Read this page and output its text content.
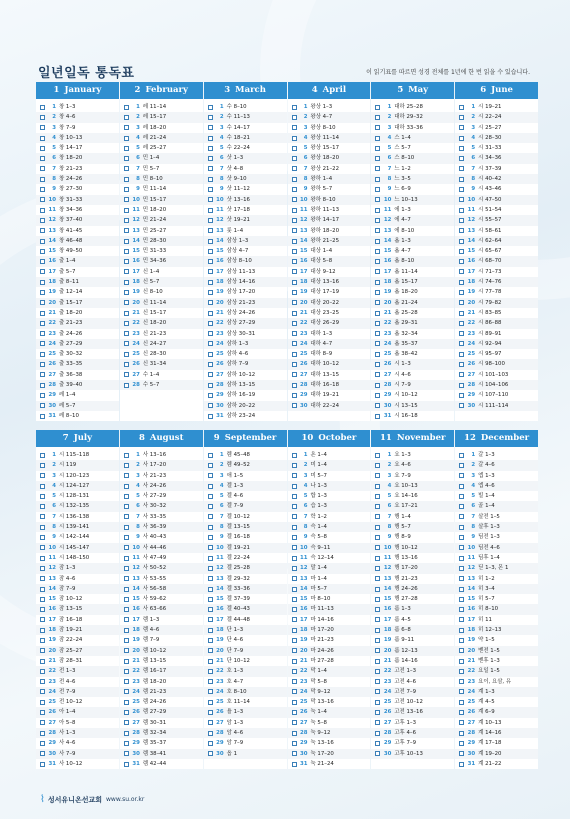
일년일독 통독표	이 읽기표를 따르면 성경 전체를 1년에 한 번 읽을 수 있습니다.
1 January
1 창 1–3
2 창 4–6
3 창 7–9
4 창 10–13
5 창 14–17
6 창 18–20
7 창 21–23
8 창 24–26
9 창 27–30
10 창 31–33
11 창 34–36
12 창 37–40
13 창 41–45
14 창 46–48
15 창 49–50
16 출 1–4
17 출 5–7
18 출 8–11
19 출 12–14
20 출 15–17
21 출 18–20
22 출 21–23
23 출 24–26
24 출 27–29
25 출 30–32
26 출 33–35
27 출 36–38
28 출 39–40
29 레 1–4
30 레 5–7
31 레 8–10
2 February
1 레 11–14
2 레 15–17
3 레 18–20
4 레 21–24
5 레 25–27
6 민 1–4
7 민 5–7
8 민 8–10
9 민 11–14
10 민 15–17
11 민 18–20
12 민 21–24
13 민 25–27
14 민 28–30
15 민 31–33
16 민 34–36
17 신 1–4
18 신 5–7
19 신 8–10
20 신 11–14
21 신 15–17
22 신 18–20
23 신 21–23
24 신 24–27
25 신 28–30
26 신 31–34
27 수 1–4
28 수 5–7
3 March
1 수 8–10
2 수 11–13
3 수 14–17
4 수 18–21
5 수 22–24
6 삿 1–3
7 삿 4–8
8 삿 9–10
9 삿 11–12
10 삿 13–16
11 삿 17–18
12 삿 19–21
13 룻 1–4
14 삼상 1–3
15 삼상 4–7
16 삼상 8–10
17 삼상 11–13
18 삼상 14–16
19 삼상 17–20
20 삼상 21–23
21 삼상 24–26
22 삼상 27–29
23 삼상 30–31
24 삼하 1–3
25 삼하 4–6
26 삼하 7–9
27 삼하 10–12
28 삼하 13–15
29 삼하 16–19
30 삼하 20–22
31 삼하 23–24
4 April
1 왕상 1–3
2 왕상 4–7
3 왕상 8–10
4 왕상 11–14
5 왕상 15–17
6 왕상 18–20
7 왕상 21–22
8 왕하 1–4
9 왕하 5–7
10 왕하 8–10
11 왕하 11–13
12 왕하 14–17
13 왕하 18–20
14 왕하 21–25
15 대상 1–4
16 대상 5–8
17 대상 9–12
18 대상 13–16
19 대상 17–19
20 대상 20–22
21 대상 23–25
22 대상 26–29
23 대하 1–3
24 대하 4–7
25 대하 8–9
26 대하 10–12
27 대하 13–15
28 대하 16–18
29 대하 19–21
30 대하 22–24
5 May
1 대하 25–28
2 대하 29–32
3 대하 33–36
4 스 1–4
5 스 5–7
6 스 8–10
7 느 1–2
8 느 3–5
9 느 6–9
10 느 10–13
11 에 1–3
12 에 4–7
13 에 8–10
14 욥 1–3
15 욥 4–7
16 욥 8–10
17 욥 11–14
18 욥 15–17
19 욥 18–20
20 욥 21–24
21 욥 25–28
22 욥 29–31
23 욥 32–34
24 욥 35–37
25 욥 38–42
26 시 1–3
27 시 4–6
28 시 7–9
29 시 10–12
30 시 13–15
31 시 16–18
6 June
1 시 19–21
2 시 22–24
3 시 25–27
4 시 28–30
5 시 31–33
6 시 34–36
7 시 37–39
8 시 40–42
9 시 43–46
10 시 47–50
11 시 51–54
12 시 55–57
13 시 58–61
14 시 62–64
15 시 65–67
16 시 68–70
17 시 71–73
18 시 74–76
19 시 77–78
20 시 79–82
21 시 83–85
22 시 86–88
23 시 89–91
24 시 92–94
25 시 95–97
26 시 98–100
27 시 101–103
28 시 104–106
29 시 107–110
30 시 111–114
7 July
1 시 115–118
2 시 119
3 시 120–123
4 시 124–127
5 시 128–131
6 시 132–135
7 시 136–138
8 시 139–141
9 시 142–144
10 시 145–147
11 시 148–150
12 잠 1–3
13 잠 4–6
14 잠 7–9
15 잠 10–12
16 잠 13–15
17 잠 16–18
18 잠 19–21
19 잠 22–24
20 잠 25–27
21 잠 28–31
22 전 1–3
23 전 4–6
24 전 7–9
25 전 10–12
26 아 1–4
27 아 5–8
28 사 1–3
29 사 4–6
30 사 7–9
31 사 10–12
8 August
1 사 13–16
2 사 17–20
3 사 21–23
4 사 24–26
5 사 27–29
6 사 30–32
7 사 33–35
8 사 36–39
9 사 40–43
10 사 44–46
11 사 47–49
12 사 50–52
13 사 53–55
14 사 56–58
15 사 59–62
16 사 63–66
17 렘 1–3
18 렘 4–6
19 렘 7–9
20 렘 10–12
21 렘 13–15
22 렘 16–17
23 렘 18–20
24 렘 21–23
25 렘 24–26
26 렘 27–29
27 렘 30–31
28 렘 32–34
29 렘 35–37
30 렘 38–41
31 렘 42–44
9 September
1 렘 45–48
2 렘 49–52
3 애 1–5
4 겔 1–3
5 겔 4–6
6 겔 7–9
7 겔 10–12
8 겔 13–15
9 겔 16–18
10 겔 19–21
11 겔 22–24
12 겔 25–28
13 겔 29–32
14 겔 33–36
15 겔 37–39
16 겔 40–43
17 겔 44–48
18 단 1–3
19 단 4–6
20 단 7–9
21 단 10–12
22 호 1–3
23 호 4–7
24 호 8–10
25 호 11–14
26 욜 1–3
27 암 1–3
28 암 4–6
29 암 7–9
30 옵 1
10 October
1 욘 1–4
2 미 1–4
3 미 5–7
4 나 1–3
5 합 1–3
6 습 1–3
7 학 1–2
8 슥 1–4
9 슥 5–8
10 슥 9–11
11 슥 12–14
12 말 1–4
13 마 1–4
14 마 5–7
15 마 8–10
16 마 11–13
17 마 14–16
18 마 17–20
19 마 21–23
20 마 24–26
21 마 27–28
22 막 1–4
23 막 5–8
24 막 9–12
25 막 13–16
26 눅 1–4
27 눅 5–8
28 눅 9–12
29 눅 13–16
30 눅 17–20
31 눅 21–24
11 November
1 요 1–3
2 요 4–6
3 요 7–9
4 요 10–13
5 요 14–16
6 요 17–21
7 행 1–4
8 행 5–7
9 행 8–9
10 행 10–12
11 행 13–16
12 행 17–20
13 행 21–23
14 행 24–26
15 행 27–28
16 롬 1–3
17 롬 4–5
18 롬 6–8
19 롬 9–11
20 롬 12–13
21 롬 14–16
22 고전 1–3
23 고전 4–6
24 고전 7–9
25 고전 10–12
26 고전 13–16
27 고후 1–3
28 고후 4–6
29 고후 7–9
30 고후 10–13
12 December
1 갈 1–3
2 갈 4–6
3 엡 1–3
4 엡 4–6
5 빌 1–4
6 골 1–4
7 살전 1–5
8 살후 1–3
9 딤전 1–3
10 딤전 4–6
11 딤후 1–4
12 딛 1–3, 몬 1
13 히 1–2
14 히 3–4
15 히 5–7
16 히 8–10
17 히 11
18 히 12–13
19 약 1–5
20 벧전 1–5
21 벧후 1–3
22 요일 1–5
23 요이, 요삼, 유
24 계 1–3
25 계 4–5
26 계 6–9
27 계 10–13
28 계 14–16
29 계 17–18
30 계 19–20
31 계 21–22
⌇ 성서유니온선교회 www.su.or.kr
